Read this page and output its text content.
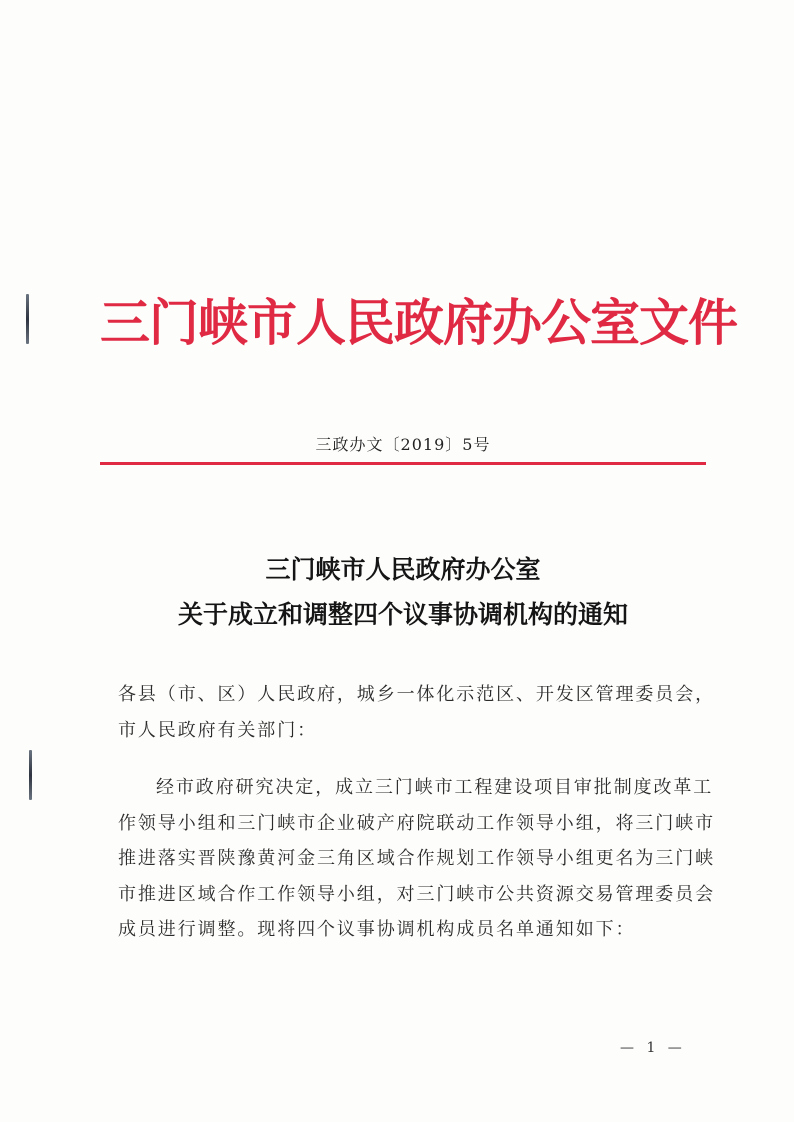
三门峡市人民政府办公室文件
三政办文〔2019〕5号
三门峡市人民政府办公室
关于成立和调整四个议事协调机构的通知
各县（市、区）人民政府，城乡一体化示范区、开发区管理委员会，市人民政府有关部门：
经市政府研究决定，成立三门峡市工程建设项目审批制度改革工作领导小组和三门峡市企业破产府院联动工作领导小组，将三门峡市推进落实晋陕豫黄河金三角区域合作规划工作领导小组更名为三门峡市推进区域合作工作领导小组，对三门峡市公共资源交易管理委员会成员进行调整。现将四个议事协调机构成员名单通知如下：
— 1 —
